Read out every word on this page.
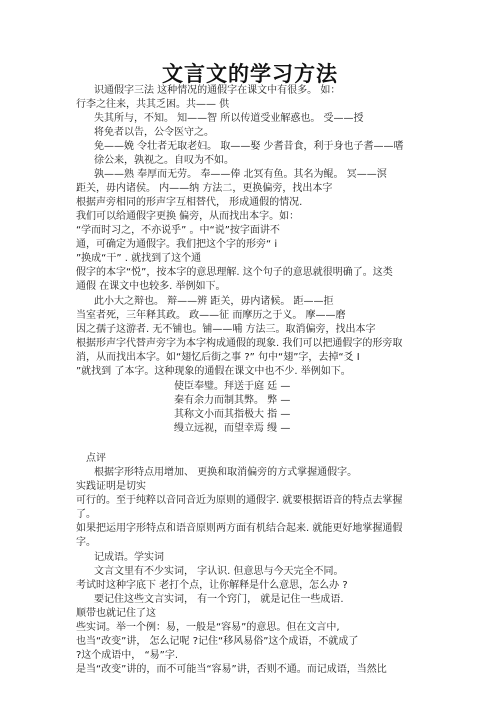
文言文的学习方法
识通假字三法 这种情况的通假字在课文中有很多。 如：
行李之往来，共其乏困。共—— 供
失其所与，不知。 知——智 所以传道受业解惑也。 受——授
将免者以告，公令医守之。
免——娩 令壮者无取老妇。 取——娶 少耆昔食，利于身也子耆——嗜
徐公来，孰视之。自叹为不如。
孰——熟 奉厚而无劳。 奉——俸 北冥有鱼。其名为鲲。 冥——溟
距关，毋内诸侯。 内——纳 方法二，更换偏旁，找出本字
根据声旁相同的形声字互相替代， 形成通假的情况.
我们可以给通假字更换 偏旁，从而找出本字。如：
“学而时习之，不亦说乎” 。中“说”按字面讲不
通，可确定为通假字。我们把这个字的形旁“ i
”换成“干” . 就找到了这个通
假字的本字“悦”，按本字的意思理解. 这个句子的意思就很明确了。这类
通假 在课文中也较多. 举例如下。
此小大之辩也。 辩——辨 距关，毋内诸候。 距——拒
当室者死，三年释其政。 政——征 而摩历之于义。 摩——磨
因之孺子这游者. 无不铺也。铺——哺 方法三。取消偏旁，找出本字
根据形声字代替声旁字为本字构成通假的现象. 我们可以把通假字的形旁取
消，从而找出本字。如“翅忆后街之事 ?” 句中“翅”字，去掉“爻 I
”就找到 了本字。这种现象的通假在课文中也不少. 举例如下。
使臣奉璧。拜送于庭 廷 —
秦有余力而制其弊。 弊 —
其称文小而其指极大 指 —
缦立远视，而望幸焉 缦 —
点评
根据字形特点用增加、 更换和取消偏旁的方式掌握通假字。
实践证明是切实
可行的。至于纯粹以音同音近为原则的通假字. 就要根据语音的特点去掌握
了。
如果把运用字形特点和语音原则两方面有机结合起来. 就能更好地掌握通假
字。
记成语。学实词
文言文里有不少实词， 字认识. 但意思与今天完全不同。
考试时这种字底下 老打个点，让你解释是什么意思，怎么办 ?
要记住这些文言实词， 有一个窍门， 就是记住一些成语.
顺带也就记住了这
些实词。举一个例：易，一般是“容易”的意思。但在文言中,
也当“改变”讲， 怎么记呢 ?记住“移风易俗”这个成语，不就成了
?这个成语中， “易”字.
是当“改变”讲的，而不可能当“容易”讲，否则不通。而记成语，当然比
